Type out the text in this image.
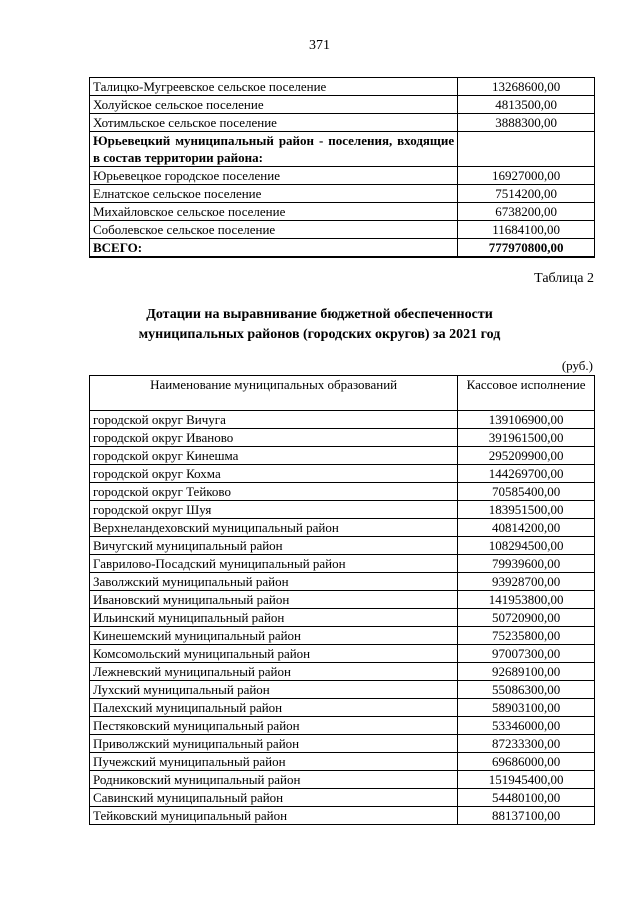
371
Талицко-Мугреевское сельское поселение	13268600,00
Холуйское сельское поселение	4813500,00
Хотимльское сельское поселение	3888300,00
Юрьевецкий муниципальный район - поселения, входящие в состав территории района:	
Юрьевецкое городское поселение	16927000,00
Елнатское сельское поселение	7514200,00
Михайловское сельское поселение	6738200,00
Соболевское сельское поселение	11684100,00
ВСЕГО:	777970800,00
Таблица 2
Дотации на выравнивание бюджетной обеспеченности
муниципальных районов (городских округов) за 2021 год
(руб.)
Наименование муниципальных образований	Кассовое исполнение
городской округ Вичуга	139106900,00
городской округ Иваново	391961500,00
городской округ Кинешма	295209900,00
городской округ Кохма	144269700,00
городской округ Тейково	70585400,00
городской округ Шуя	183951500,00
Верхнеландеховский муниципальный район	40814200,00
Вичугский муниципальный район	108294500,00
Гаврилово-Посадский муниципальный район	79939600,00
Заволжский муниципальный район	93928700,00
Ивановский муниципальный район	141953800,00
Ильинский муниципальный район	50720900,00
Кинешемский муниципальный район	75235800,00
Комсомольский муниципальный район	97007300,00
Лежневский муниципальный район	92689100,00
Лухский муниципальный район	55086300,00
Палехский муниципальный район	58903100,00
Пестяковский муниципальный район	53346000,00
Приволжский муниципальный район	87233300,00
Пучежский муниципальный район	69686000,00
Родниковский муниципальный район	151945400,00
Савинский муниципальный район	54480100,00
Тейковский муниципальный район	88137100,00
